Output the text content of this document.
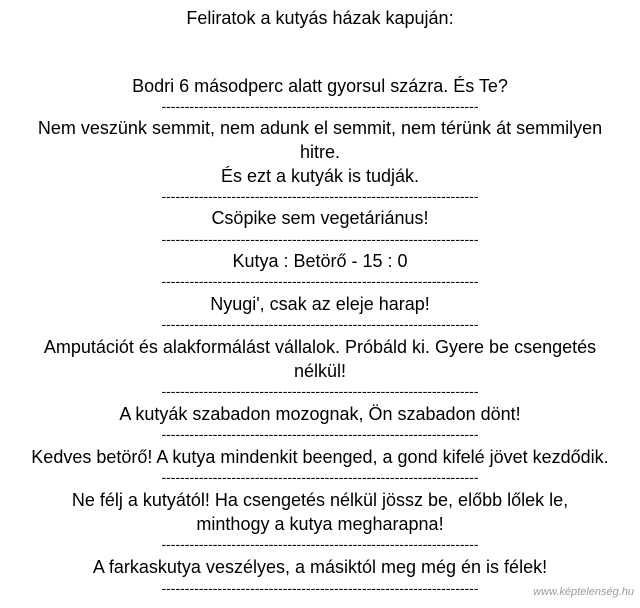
Feliratok a kutyás házak kapuján:
Bodri 6 másodperc alatt gyorsul százra. És Te?
--------------------------------------------------------------------
Nem veszünk semmit, nem adunk el semmit, nem térünk át semmilyen
hitre.
És ezt a kutyák is tudják.
--------------------------------------------------------------------
Csöpike sem vegetáriánus!
--------------------------------------------------------------------
Kutya : Betörő - 15 : 0
--------------------------------------------------------------------
Nyugi', csak az eleje harap!
--------------------------------------------------------------------
Amputációt és alakformálást vállalok. Próbáld ki. Gyere be csengetés
nélkül!
--------------------------------------------------------------------
A kutyák szabadon mozognak, Ön szabadon dönt!
--------------------------------------------------------------------
Kedves betörő! A kutya mindenkit beenged, a gond kifelé jövet kezdődik.
--------------------------------------------------------------------
Ne félj a kutyától! Ha csengetés nélkül jössz be, előbb lőlek le,
minthogy a kutya megharapna!
--------------------------------------------------------------------
A farkaskutya veszélyes, a másiktól meg még én is félek!
--------------------------------------------------------------------	www.képtelenség.hu
